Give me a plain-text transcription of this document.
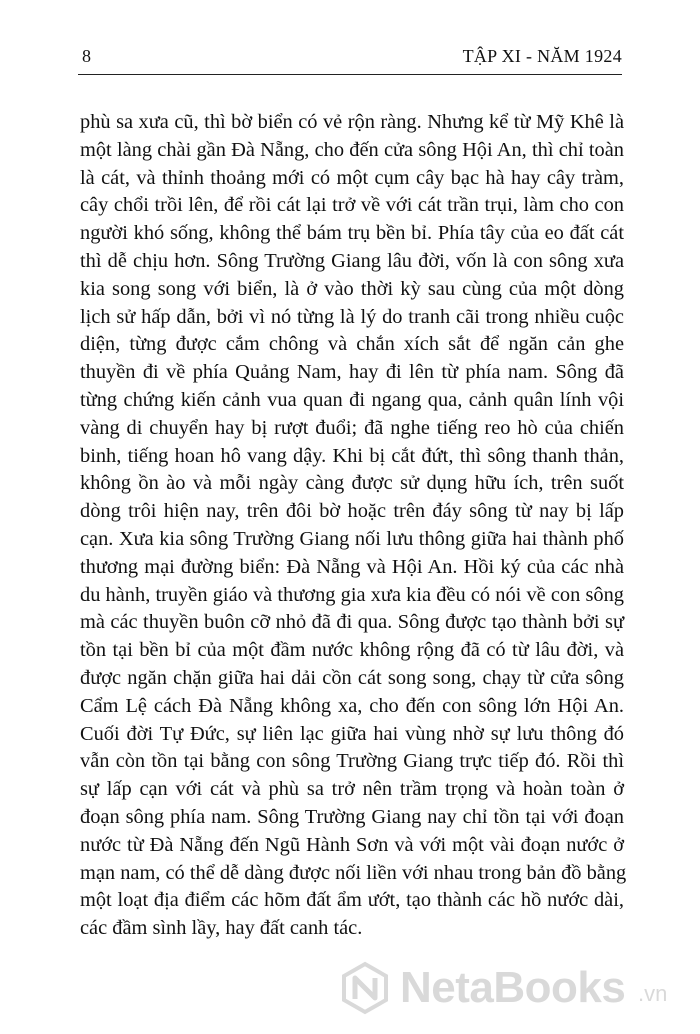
8	TẬP XI - NĂM 1924
phù sa xưa cũ, thì bờ biển có vẻ rộn ràng. Nhưng kể từ Mỹ Khê là
một làng chài gần Đà Nẵng, cho đến cửa sông Hội An, thì chỉ toàn
là cát, và thỉnh thoảng mới có một cụm cây bạc hà hay cây tràm,
cây chổi trồi lên, để rồi cát lại trở về với cát trần trụi, làm cho con
người khó sống, không thể bám trụ bền bỉ. Phía tây của eo đất cát
thì dễ chịu hơn. Sông Trường Giang lâu đời, vốn là con sông xưa
kia song song với biển, là ở vào thời kỳ sau cùng của một dòng
lịch sử hấp dẫn, bởi vì nó từng là lý do tranh cãi trong nhiều cuộc
diện, từng được cắm chông và chắn xích sắt để ngăn cản ghe
thuyền đi về phía Quảng Nam, hay đi lên từ phía nam. Sông đã
từng chứng kiến cảnh vua quan đi ngang qua, cảnh quân lính vội
vàng di chuyển hay bị rượt đuổi; đã nghe tiếng reo hò của chiến
binh, tiếng hoan hô vang dậy. Khi bị cắt đứt, thì sông thanh thản,
không ồn ào và mỗi ngày càng được sử dụng hữu ích, trên suốt
dòng trôi hiện nay, trên đôi bờ hoặc trên đáy sông từ nay bị lấp
cạn. Xưa kia sông Trường Giang nối lưu thông giữa hai thành phố
thương mại đường biển: Đà Nẵng và Hội An. Hồi ký của các nhà
du hành, truyền giáo và thương gia xưa kia đều có nói về con sông
mà các thuyền buôn cỡ nhỏ đã đi qua. Sông được tạo thành bởi sự
tồn tại bền bỉ của một đầm nước không rộng đã có từ lâu đời, và
được ngăn chặn giữa hai dải cồn cát song song, chạy từ cửa sông
Cẩm Lệ cách Đà Nẵng không xa, cho đến con sông lớn Hội An.
Cuối đời Tự Đức, sự liên lạc giữa hai vùng nhờ sự lưu thông đó
vẫn còn tồn tại bằng con sông Trường Giang trực tiếp đó. Rồi thì
sự lấp cạn với cát và phù sa trở nên trầm trọng và hoàn toàn ở
đoạn sông phía nam. Sông Trường Giang nay chỉ tồn tại với đoạn
nước từ Đà Nẵng đến Ngũ Hành Sơn và với một vài đoạn nước ở
mạn nam, có thể dễ dàng được nối liền với nhau trong bản đồ bằng
một loạt địa điểm các hõm đất ẩm ướt, tạo thành các hồ nước dài,
các đầm sình lầy, hay đất canh tác.
NetaBooks .vn
